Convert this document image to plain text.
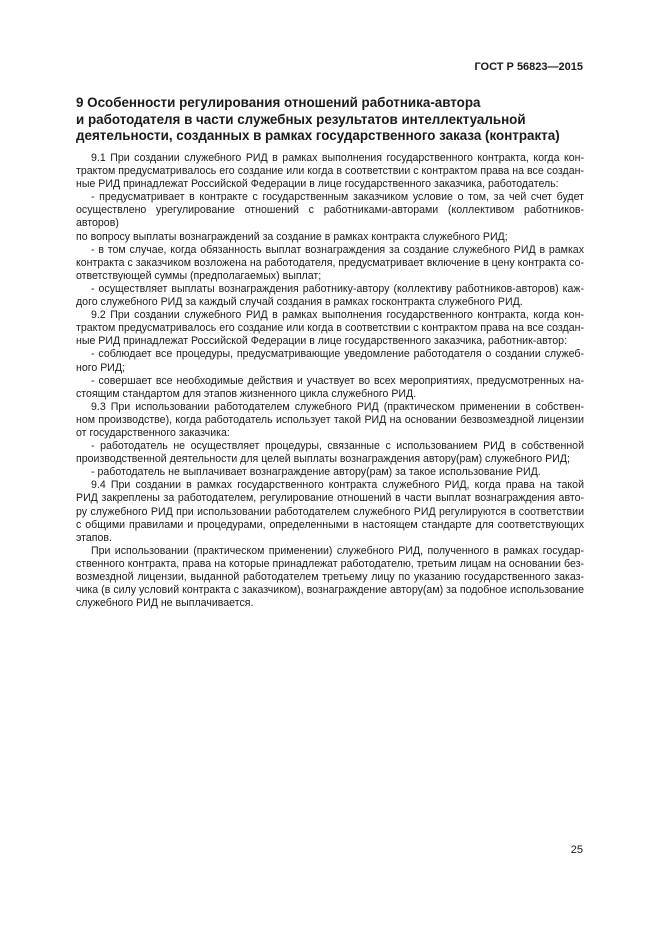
ГОСТ Р 56823—2015
9 Особенности регулирования отношений работника-автора
и работодателя в части служебных результатов интеллектуальной
деятельности, созданных в рамках государственного заказа (контракта)

9.1 При создании служебного РИД в рамках выполнения государственного контракта, когда кон-

трактом предусматривалось его создание или когда в соответствии с контрактом права на все создан-

ные РИД принадлежат Российской Федерации в лице государственного заказчика, работодатель:

- предусматривает в контракте с государственным заказчиком условие о том, за чей счет будет

осуществлено урегулирование отношений с работниками-авторами (коллективом работников-авторов)

по вопросу выплаты вознаграждений за создание в рамках контракта служебного РИД;

- в том случае, когда обязанность выплат вознаграждения за создание служебного РИД в рамках

контракта с заказчиком возложена на работодателя, предусматривает включение в цену контракта со-

ответствующей суммы (предполагаемых) выплат;

- осуществляет выплаты вознаграждения работнику-автору (коллективу работников-авторов) каж-

дого служебного РИД за каждый случай создания в рамках госконтракта служебного РИД.

9.2 При создании служебного РИД в рамках выполнения государственного контракта, когда кон-

трактом предусматривалось его создание или когда в соответствии с контрактом права на все создан-

ные РИД принадлежат Российской Федерации в лице государственного заказчика, работник-автор:

- соблюдает все процедуры, предусматривающие уведомление работодателя о создании служеб-

ного РИД;

- совершает все необходимые действия и участвует во всех мероприятиях, предусмотренных на-

стоящим стандартом для этапов жизненного цикла служебного РИД.

9.3 При использовании работодателем служебного РИД (практическом применении в собствен-

ном производстве), когда работодатель использует такой РИД на основании безвозмездной лицензии

от государственного заказчика:

- работодатель не осуществляет процедуры, связанные с использованием РИД в собственной

производственной деятельности для целей выплаты вознаграждения автору(рам) служебного РИД;

- работодатель не выплачивает вознаграждение автору(рам) за такое использование РИД.

9.4 При создании в рамках государственного контракта служебного РИД, когда права на такой

РИД закреплены за работодателем, регулирование отношений в части выплат вознаграждения авто-

ру служебного РИД при использовании работодателем служебного РИД регулируются в соответствии

с общими правилами и процедурами, определенными в настоящем стандарте для соответствующих

этапов.

При использовании (практическом применении) служебного РИД, полученного в рамках государ-

ственного контракта, права на которые принадлежат работодателю, третьим лицам на основании без-

возмездной лицензии, выданной работодателем третьему лицу по указанию государственного заказ-

чика (в силу условий контракта с заказчиком), вознаграждение автору(ам) за подобное использование

служебного РИД не выплачивается.

25
